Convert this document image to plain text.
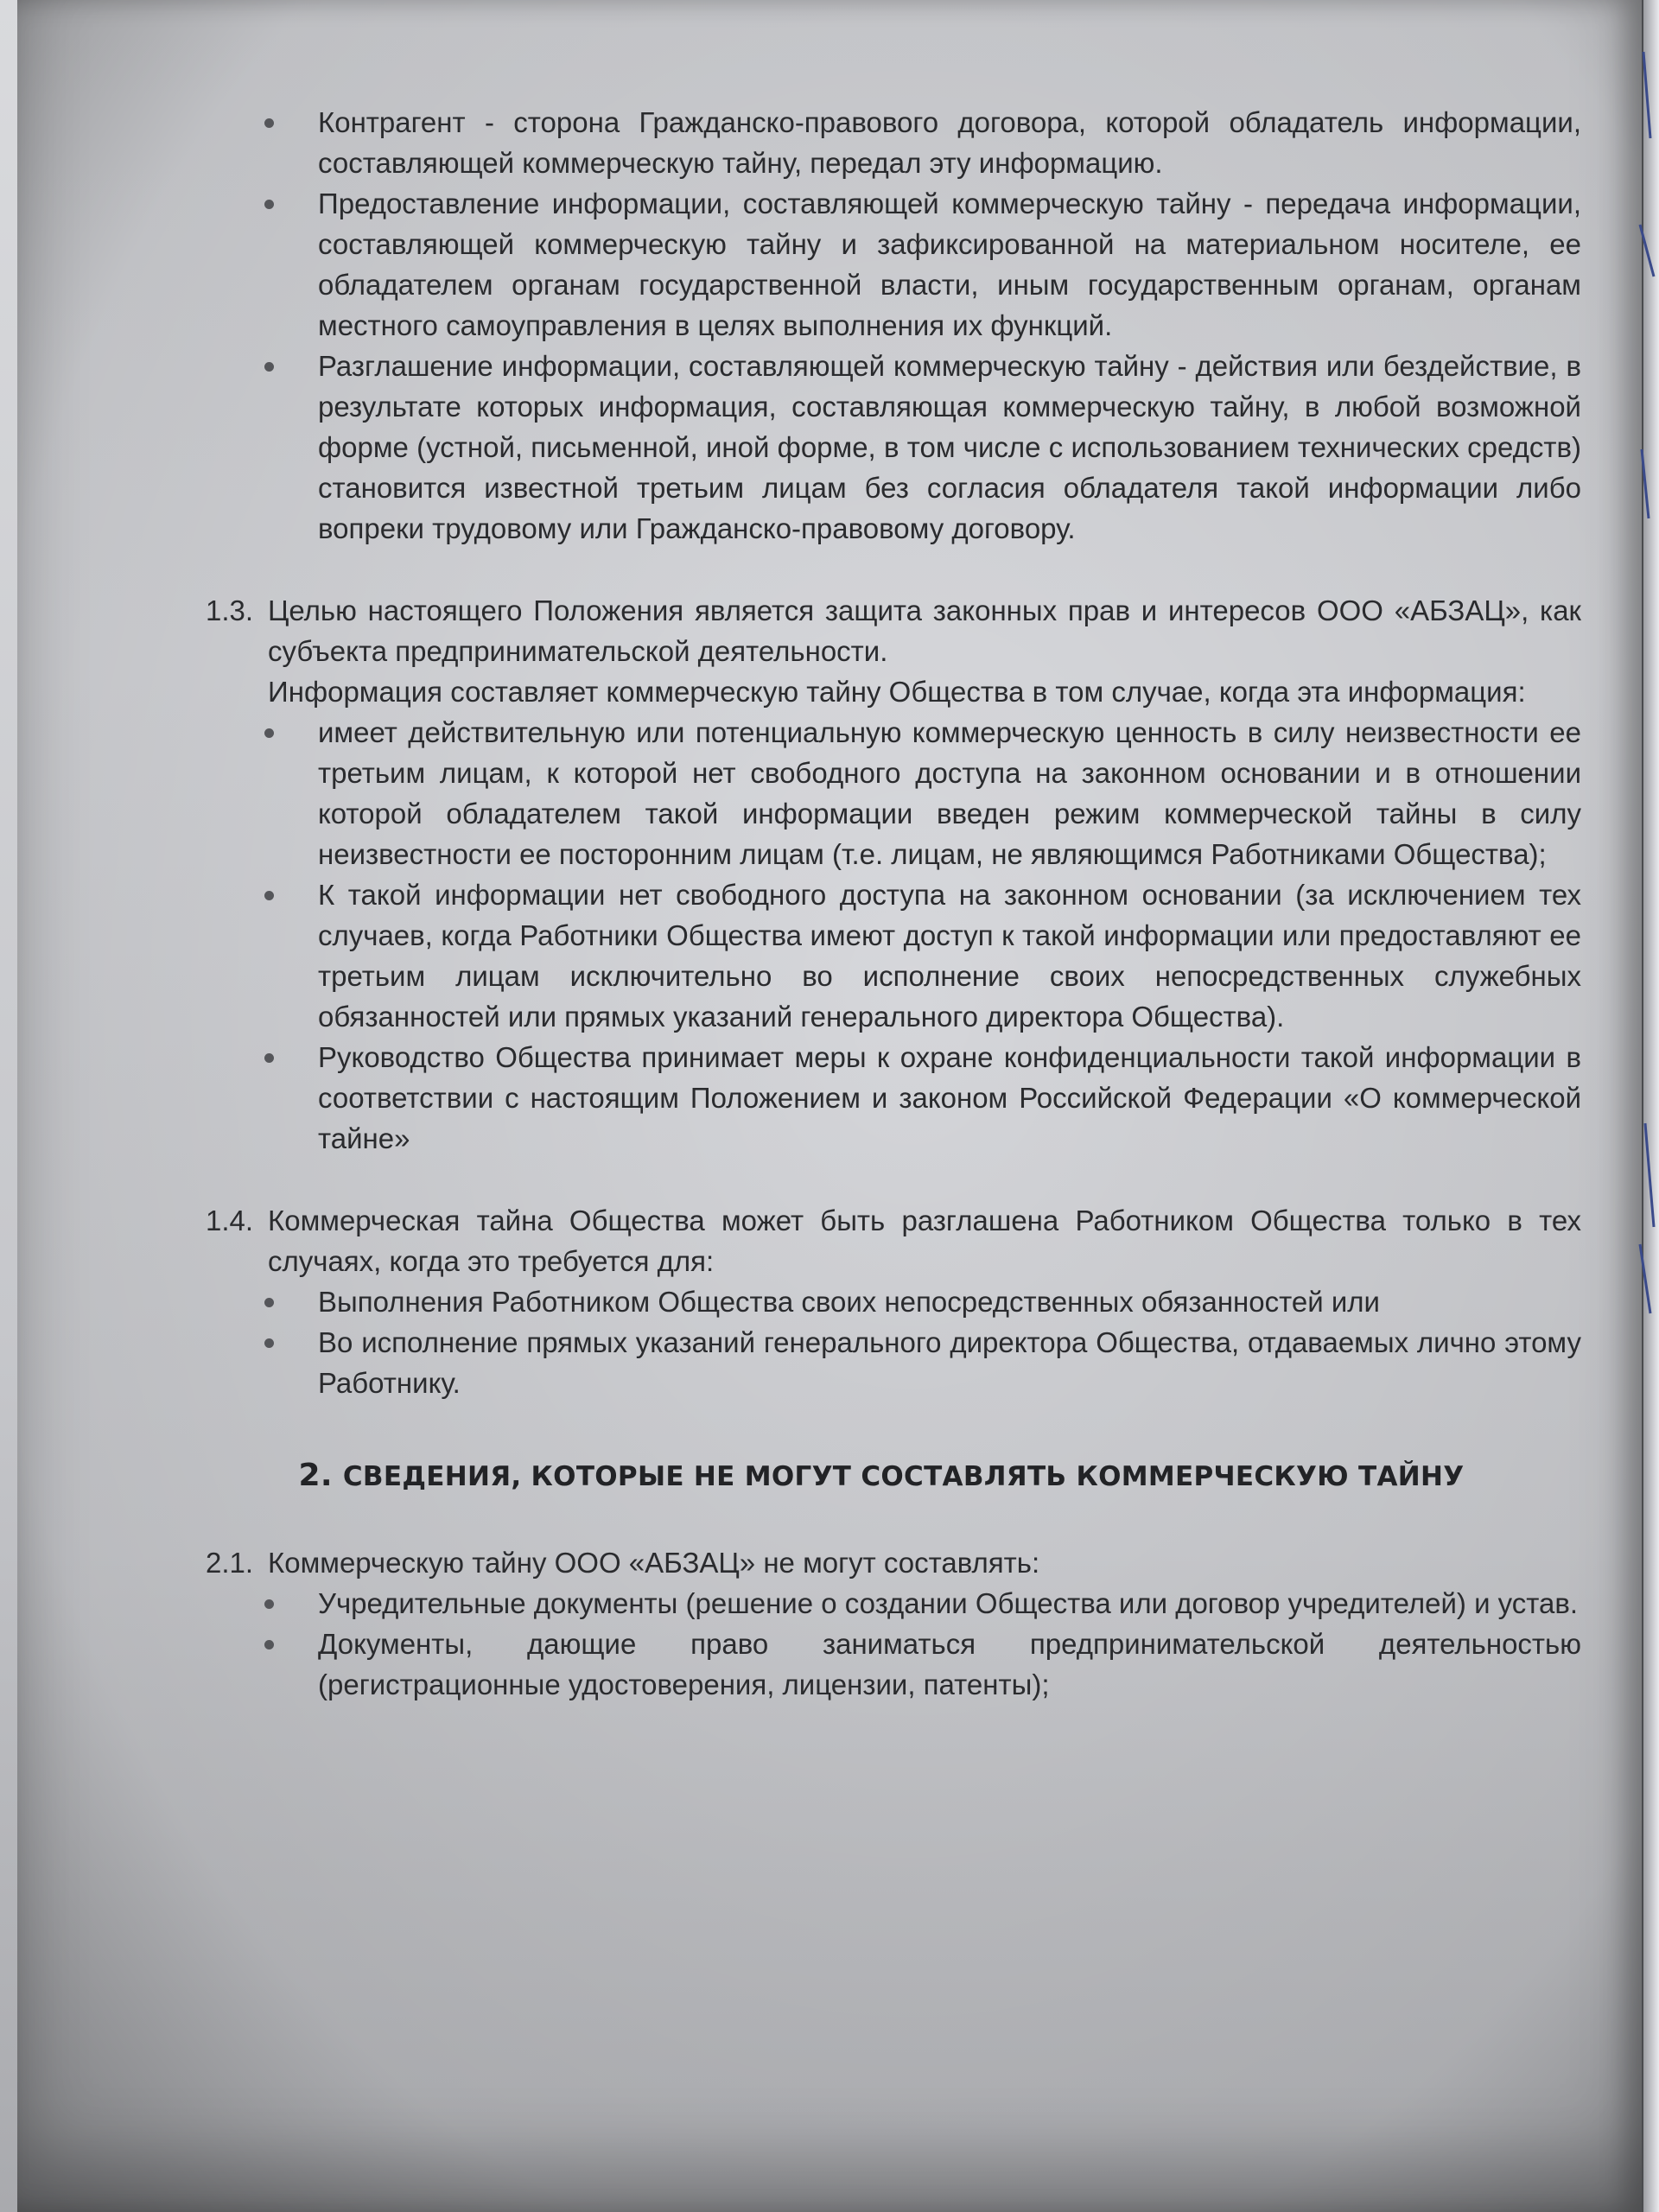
Контрагент - сторона Гражданско-правового договора, которой обладатель информации, составляющей коммерческую тайну, передал эту информацию.
Предоставление информации, составляющей коммерческую тайну - передача информации, составляющей коммерческую тайну и зафиксированной на материальном носителе, ее обладателем органам государственной власти, иным государственным органам, органам местного самоуправления в целях выполнения их функций.
Разглашение информации, составляющей коммерческую тайну - действия или бездействие, в результате которых информация, составляющая коммерческую тайну, в любой возможной форме (устной, письменной, иной форме, в том числе с использованием технических средств) становится известной третьим лицам без согласия обладателя такой информации либо вопреки трудовому или Гражданско-правовому договору.
1.3. Целью настоящего Положения является защита законных прав и интересов ООО «АБЗАЦ», как субъекта предпринимательской деятельности.

Информация составляет коммерческую тайну Общества в том случае, когда эта информация:

имеет действительную или потенциальную коммерческую ценность в силу неизвестности ее третьим лицам, к которой нет свободного доступа на законном основании и в отношении которой обладателем такой информации введен режим коммерческой тайны в силу неизвестности ее посторонним лицам (т.е. лицам, не являющимся Работниками Общества);
К такой информации нет свободного доступа на законном основании (за исключением тех случаев, когда Работники Общества имеют доступ к такой информации или предоставляют ее третьим лицам исключительно во исполнение своих непосредственных служебных обязанностей или прямых указаний генерального директора Общества).
Руководство Общества принимает меры к охране конфиденциальности такой информации в соответствии с настоящим Положением и законом Российской Федерации «О коммерческой тайне»
1.4. Коммерческая тайна Общества может быть разглашена Работником Общества только в тех случаях, когда это требуется для:

Выполнения Работником Общества своих непосредственных обязанностей или
Во исполнение прямых указаний генерального директора Общества, отдаваемых лично этому Работнику.
2. СВЕДЕНИЯ, КОТОРЫЕ НЕ МОГУТ СОСТАВЛЯТЬ КОММЕРЧЕСКУЮ ТАЙНУ
2.1. Коммерческую тайну ООО «АБЗАЦ» не могут составлять:

Учредительные документы (решение о создании Общества или договор учредителей) и устав.
Документы, дающие право заниматься предпринимательской деятельностью (регистрационные удостоверения, лицензии, патенты);
